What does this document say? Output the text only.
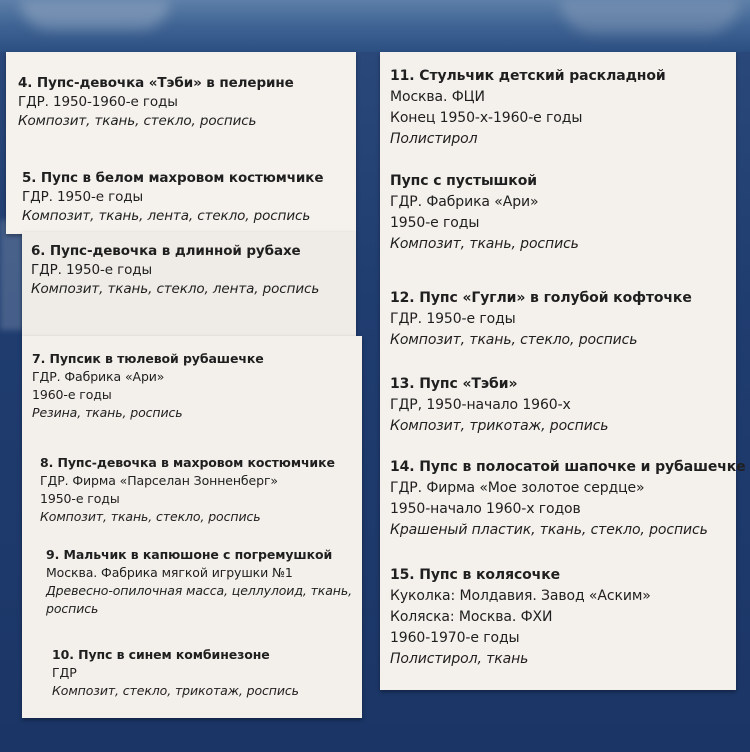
4. Пупс-девочка «Тэби» в пелерине
ГДР. 1950-1960-е годы
Композит, ткань, стекло, роспись
5. Пупс в белом махровом костюмчике
ГДР. 1950-е годы
Композит, ткань, лента, стекло, роспись
6. Пупс-девочка в длинной рубахе
ГДР. 1950-е годы
Композит, ткань, стекло, лента, роспись
7. Пупсик в тюлевой рубашечке
ГДР. Фабрика «Ари»
1960-е годы
Резина, ткань, роспись
8. Пупс-девочка в махровом костюмчике
ГДР. Фирма «Парселан Зонненберг»
1950-е годы
Композит, ткань, стекло, роспись
9. Мальчик в капюшоне с погремушкой
Москва. Фабрика мягкой игрушки №1
Древесно-опилочная масса, целлулоид, ткань,
роспись
10. Пупс в синем комбинезоне
ГДР
Композит, стекло, трикотаж, роспись
11. Стульчик детский раскладной
Москва. ФЦИ
Конец 1950-х-1960-е годы
Полистирол
Пупс с пустышкой
ГДР. Фабрика «Ари»
1950-е годы
Композит, ткань, роспись
12. Пупс «Гугли» в голубой кофточке
ГДР. 1950-е годы
Композит, ткань, стекло, роспись
13. Пупс «Тэби»
ГДР, 1950-начало 1960-х
Композит, трикотаж, роспись
14. Пупс в полосатой шапочке и рубашечке
ГДР. Фирма «Мое золотое сердце»
1950-начало 1960-х годов
Крашеный пластик, ткань, стекло, роспись
15. Пупс в колясочке
Куколка: Молдавия. Завод «Аским»
Коляска: Москва. ФХИ
1960-1970-е годы
Полистирол, ткань
